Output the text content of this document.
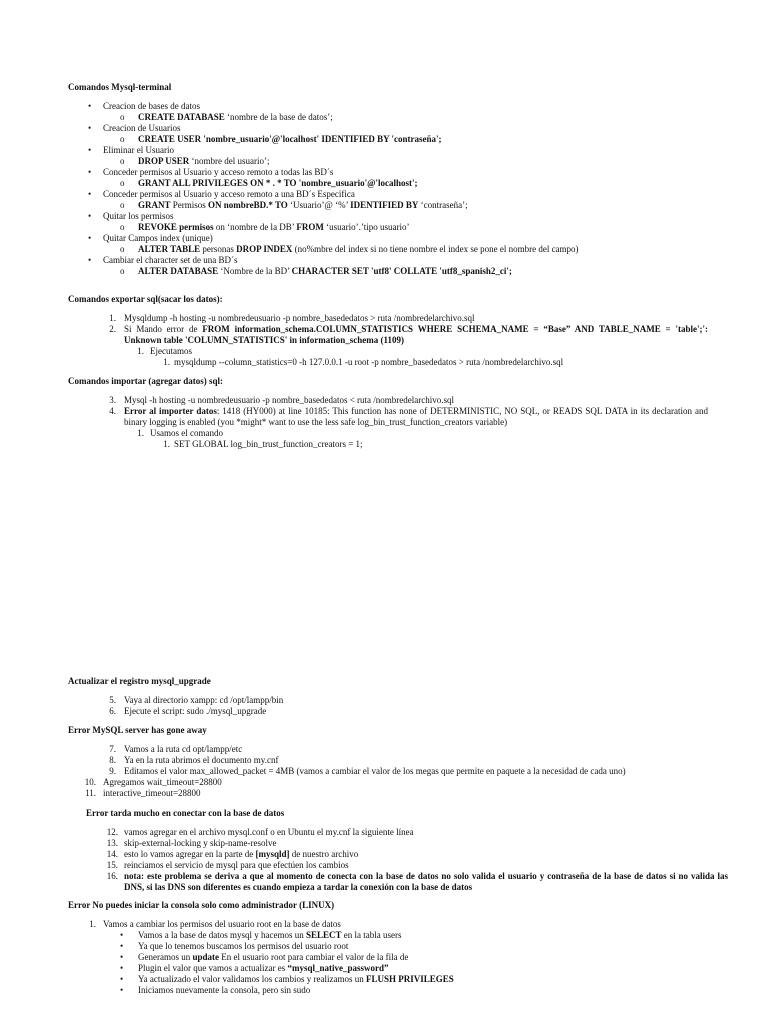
Comandos Mysql-terminal
• Creacion de bases de datos
o CREATE DATABASE ‘nombre de la base de datos’;
• Creacion de Usuarios
o CREATE USER 'nombre_usuario'@'localhost' IDENTIFIED BY 'contraseña';
• Eliminar el Usuario
o DROP USER ‘nombre del usuario’;
• Conceder permisos al Usuario y acceso remoto a todas las BD´s
o GRANT ALL PRIVILEGES ON * . * TO 'nombre_usuario'@'localhost';
• Conceder permisos al Usuario y acceso remoto a una BD´s Especifica
o GRANT Permisos ON nombreBD.* TO ‘Usuario’@ ‘%’ IDENTIFIED BY ‘contraseña’;
• Quitar los permisos
o REVOKE permisos on ‘nombre de la DB’ FROM ‘usuario’.’tipo usuario’
• Quitar Campos index (unique)
o ALTER TABLE personas DROP INDEX (no%mbre del index si no tiene nombre el index se pone el nombre del campo)
• Cambiar el character set de una BD´s
o ALTER DATABASE ‘Nombre de la BD’ CHARACTER SET 'utf8' COLLATE 'utf8_spanish2_ci';
Comandos exportar sql(sacar los datos):
1. Mysqldump -h hosting -u nombredeusuario -p nombre_basededatos > ruta /nombredelarchivo.sql
2. Si Mando error de FROM information_schema.COLUMN_STATISTICS WHERE SCHEMA_NAME = “Base” AND TABLE_NAME = 'table';': Unknown table 'COLUMN_STATISTICS' in information_schema (1109)
1. Ejecutamos
1. mysqldump --column_statistics=0 -h 127.0.0.1 -u root -p nombre_basededatos > ruta /nombredelarchivo.sql
Comandos importar (agregar datos) sql:
3. Mysql -h hosting -u nombredeusuario -p nombre_basededatos < ruta /nombredelarchivo.sql
4. Error al importer datos: 1418 (HY000) at line 10185: This function has none of DETERMINISTIC, NO SQL, or READS SQL DATA in its declaration and binary logging is enabled (you *might* want to use the less safe log_bin_trust_function_creators variable)
1. Usamos el comando
1. SET GLOBAL log_bin_trust_function_creators = 1;
Actualizar el registro mysql_upgrade
5. Vaya al directorio xampp: cd /opt/lampp/bin
6. Ejecute el script: sudo ./mysql_upgrade
Error MySQL server has gone away
7. Vamos a la ruta cd opt/lampp/etc
8. Ya en la ruta abrimos el documento my.cnf
9. Editamos el valor max_allowed_packet = 4MB (vamos a cambiar el valor de los megas que permite en paquete a la necesidad de cada uno)
10. Agregamos wait_timeout=28800
11. interactive_timeout=28800
Error tarda mucho en conectar con la base de datos
12. vamos agregar en el archivo mysql.conf o en Ubuntu el my.cnf la siguiente línea
13. skip-external-locking y skip-name-resolve
14. esto lo vamos agregar en la parte de [mysqld] de nuestro archivo
15. reinciamos el servicio de mysql para que efectúen los cambios
16. nota: este problema se deriva a que al momento de conecta con la base de datos no solo valida el usuario y contraseña de la base de datos si no valida las DNS, si las DNS son diferentes es cuando empieza a tardar la conexión con la base de datos
Error No puedes iniciar la consola solo como administrador (LINUX)
1. Vamos a cambiar los permisos del usuario root en la base de datos
• Vamos a la base de datos mysql y hacemos un SELECT en la tabla users
• Ya que lo tenemos buscamos los permisos del usuario root
• Generamos un update En el usuario root para cambiar el valor de la fila de
• Plugin el valor que vamos a actualizar es “mysql_native_password”
• Ya actualizado el valor validamos los cambios y realizamos un FLUSH PRIVILEGES
• Iniciamos nuevamente la consola, pero sin sudo
